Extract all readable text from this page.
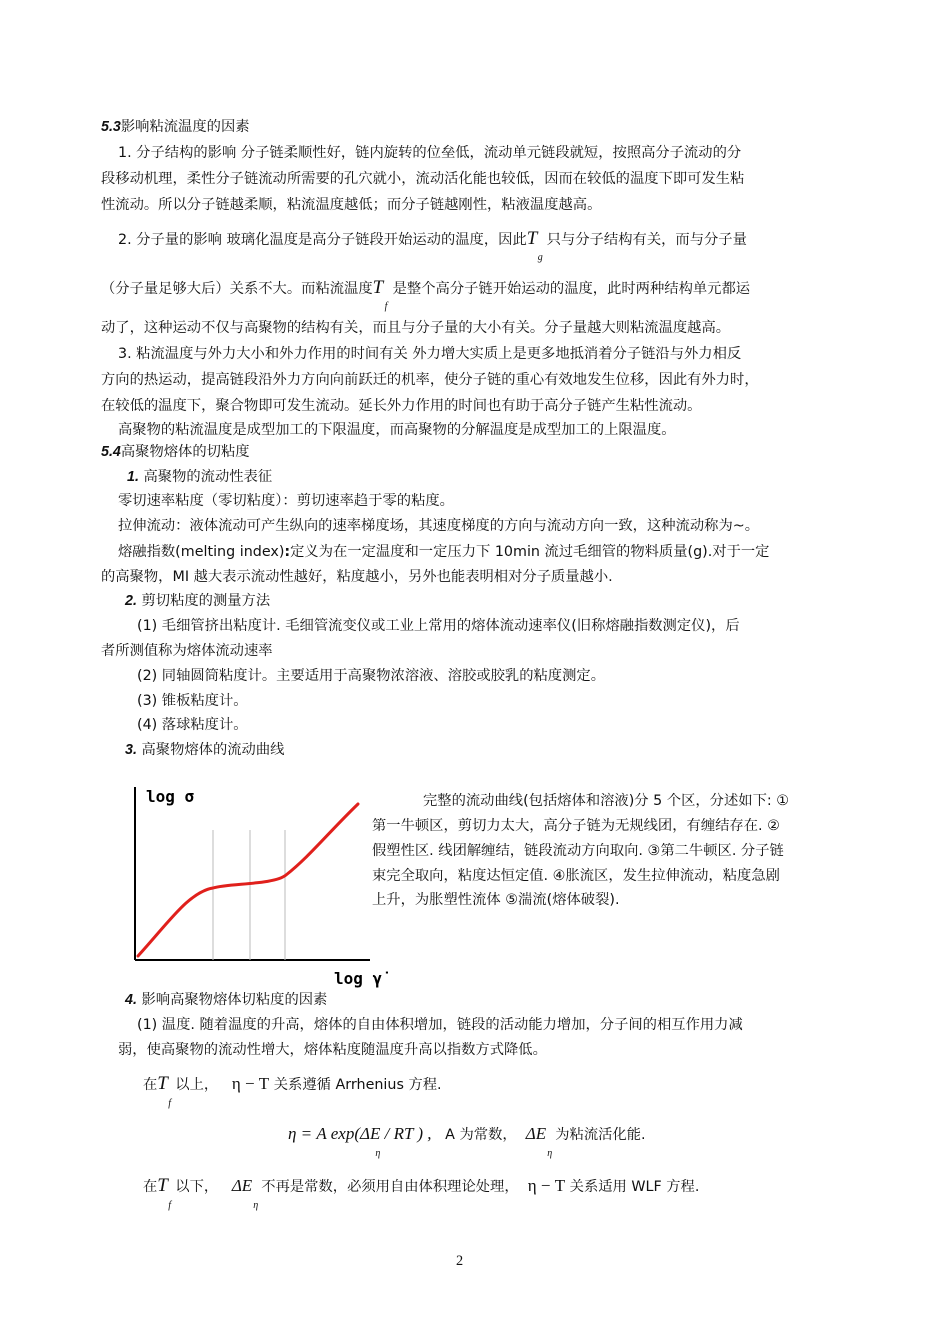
5.3影响粘流温度的因素
1. 分子结构的影响 分子链柔顺性好，链内旋转的位垒低，流动单元链段就短，按照高分子流动的分
段移动机理，柔性分子链流动所需要的孔穴就小，流动活化能也较低，因而在较低的温度下即可发生粘
性流动。所以分子链越柔顺，粘流温度越低；而分子链越刚性，粘液温度越高。
2. 分子量的影响 玻璃化温度是高分子链段开始运动的温度，因此T
g
只与分子结构有关，而与分子量
（分子量足够大后）关系不大。而粘流温度T
f
是整个高分子链开始运动的温度，此时两种结构单元都运
动了，这种运动不仅与高聚物的结构有关，而且与分子量的大小有关。分子量越大则粘流温度越高。
3. 粘流温度与外力大小和外力作用的时间有关 外力增大实质上是更多地抵消着分子链沿与外力相反
方向的热运动，提高链段沿外力方向向前跃迁的机率，使分子链的重心有效地发生位移，因此有外力时，
在较低的温度下，聚合物即可发生流动。延长外力作用的时间也有助于高分子链产生粘性流动。
高聚物的粘流温度是成型加工的下限温度，而高聚物的分解温度是成型加工的上限温度。
5.4高聚物熔体的切粘度
1. 高聚物的流动性表征
零切速率粘度（零切粘度）：剪切速率趋于零的粘度。
拉伸流动：液体流动可产生纵向的速率梯度场，其速度梯度的方向与流动方向一致，这种流动称为~。
熔融指数(melting index):定义为在一定温度和一定压力下 10min 流过毛细管的物料质量(g).对于一定
的高聚物，MI 越大表示流动性越好，粘度越小，另外也能表明相对分子质量越小.
2. 剪切粘度的测量方法
(1) 毛细管挤出粘度计. 毛细管流变仪或工业上常用的熔体流动速率仪(旧称熔融指数测定仪)，后
者所测值称为熔体流动速率
(2) 同轴圆筒粘度计。主要适用于高聚物浓溶液、溶胶或胶乳的粘度测定。
(3) 锥板粘度计。
(4) 落球粘度计。
3. 高聚物熔体的流动曲线
log σ
log γ̇
完整的流动曲线(包括熔体和溶液)分 5 个区，分述如下: ①
第一牛顿区，剪切力太大，高分子链为无规线团，有缠结存在. ②
假塑性区. 线团解缠结，链段流动方向取向. ③第二牛顿区. 分子链
束完全取向，粘度达恒定值. ④胀流区，发生拉伸流动，粘度急剧
上升，为胀塑性流体 ⑤湍流(熔体破裂).
4. 影响高聚物熔体切粘度的因素
(1) 温度. 随着温度的升高，熔体的自由体积增加，链段的活动能力增加，分子间的相互作用力减
弱，使高聚物的流动性增大，熔体粘度随温度升高以指数方式降低。
在T
f
以上， η − T 关系遵循 Arrhenius 方程.
η = A exp(ΔE
η
/ RT ) , A 为常数， ΔE
η
为粘流活化能.
在T
f
以下， ΔE
η
不再是常数，必须用自由体积理论处理， η − T 关系适用 WLF 方程.
2
